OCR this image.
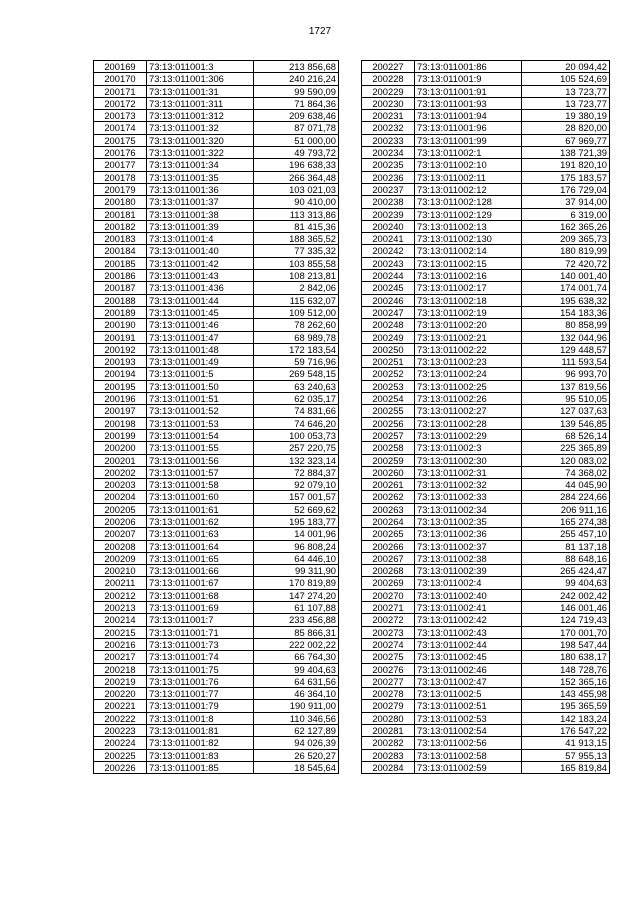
1727
200169	73:13:011001:3	213 856,68
200170	73:13:011001:306	240 216,24
200171	73:13:011001:31	99 590,09
200172	73:13:011001:311	71 864,36
200173	73:13:011001:312	209 638,46
200174	73:13:011001:32	87 071,78
200175	73:13:011001:320	51 000,00
200176	73:13:011001:322	49 793,72
200177	73:13:011001:34	196 638,33
200178	73:13:011001:35	266 364,48
200179	73:13:011001:36	103 021,03
200180	73:13:011001:37	90 410,00
200181	73:13:011001:38	113 313,86
200182	73:13:011001:39	81 415,36
200183	73:13:011001:4	188 365,52
200184	73:13:011001:40	77 335,32
200185	73:13:011001:42	103 855,58
200186	73:13:011001:43	108 213,81
200187	73:13:011001:436	2 842,06
200188	73:13:011001:44	115 632,07
200189	73:13:011001:45	109 512,00
200190	73:13:011001:46	78 262,60
200191	73:13:011001:47	68 989,78
200192	73:13:011001:48	172 183,54
200193	73:13:011001:49	59 716,96
200194	73:13:011001:5	269 548,15
200195	73:13:011001:50	63 240,63
200196	73:13:011001:51	62 035,17
200197	73:13:011001:52	74 831,66
200198	73:13:011001:53	74 646,20
200199	73:13:011001:54	100 053,73
200200	73:13:011001:55	257 220,75
200201	73:13:011001:56	132 323,14
200202	73:13:011001:57	72 884,37
200203	73:13:011001:58	92 079,10
200204	73:13:011001:60	157 001,57
200205	73:13:011001:61	52 669,62
200206	73:13:011001:62	195 183,77
200207	73:13:011001:63	14 001,96
200208	73:13:011001:64	96 808,24
200209	73:13:011001:65	64 446,10
200210	73:13:011001:66	99 311,90
200211	73:13:011001:67	170 819,89
200212	73:13:011001:68	147 274,20
200213	73:13:011001:69	61 107,88
200214	73:13:011001:7	233 456,88
200215	73:13:011001:71	85 866,31
200216	73:13:011001:73	222 002,22
200217	73:13:011001:74	66 764,30
200218	73:13:011001:75	99 404,63
200219	73:13:011001:76	64 631,56
200220	73:13:011001:77	46 364,10
200221	73:13:011001:79	190 911,00
200222	73:13:011001:8	110 346,56
200223	73:13:011001:81	62 127,89
200224	73:13:011001:82	94 026,39
200225	73:13:011001:83	26 520,27
200226	73:13:011001:85	18 545,64
200227	73:13:011001:86	20 094,42
200228	73:13:011001:9	105 524,69
200229	73:13:011001:91	13 723,77
200230	73:13:011001:93	13 723,77
200231	73:13:011001:94	19 380,19
200232	73:13:011001:96	28 820,00
200233	73:13:011001:99	67 969,77
200234	73:13:011002:1	138 721,39
200235	73:13:011002:10	191 820,10
200236	73:13:011002:11	175 183,57
200237	73:13:011002:12	176 729,04
200238	73:13:011002:128	37 914,00
200239	73:13:011002:129	6 319,00
200240	73:13:011002:13	162 365,26
200241	73:13:011002:130	209 365,73
200242	73:13:011002:14	180 819,99
200243	73:13:011002:15	72 420,72
200244	73:13:011002:16	140 001,40
200245	73:13:011002:17	174 001,74
200246	73:13:011002:18	195 638,32
200247	73:13:011002:19	154 183,36
200248	73:13:011002:20	80 858,99
200249	73:13:011002:21	132 044,96
200250	73:13:011002:22	129 448,57
200251	73:13:011002:23	111 593,54
200252	73:13:011002:24	96 993,70
200253	73:13:011002:25	137 819,56
200254	73:13:011002:26	95 510,05
200255	73:13:011002:27	127 037,63
200256	73:13:011002:28	139 546,85
200257	73:13:011002:29	68 526,14
200258	73:13:011002:3	225 365,89
200259	73:13:011002:30	120 083,02
200260	73:13:011002:31	74 368,02
200261	73:13:011002:32	44 045,90
200262	73:13:011002:33	284 224,66
200263	73:13:011002:34	206 911,16
200264	73:13:011002:35	165 274,38
200265	73:13:011002:36	255 457,10
200266	73:13:011002:37	81 137,18
200267	73:13:011002:38	88 648,16
200268	73:13:011002:39	265 424,47
200269	73:13:011002:4	99 404,63
200270	73:13:011002:40	242 002,42
200271	73:13:011002:41	146 001,46
200272	73:13:011002:42	124 719,43
200273	73:13:011002:43	170 001,70
200274	73:13:011002:44	198 547,44
200275	73:13:011002:45	180 638,17
200276	73:13:011002:46	148 728,76
200277	73:13:011002:47	152 365,16
200278	73:13:011002:5	143 455,98
200279	73:13:011002:51	195 365,59
200280	73:13:011002:53	142 183,24
200281	73:13:011002:54	176 547,22
200282	73:13:011002:56	41 913,15
200283	73:13:011002:58	57 955,13
200284	73:13:011002:59	165 819,84
